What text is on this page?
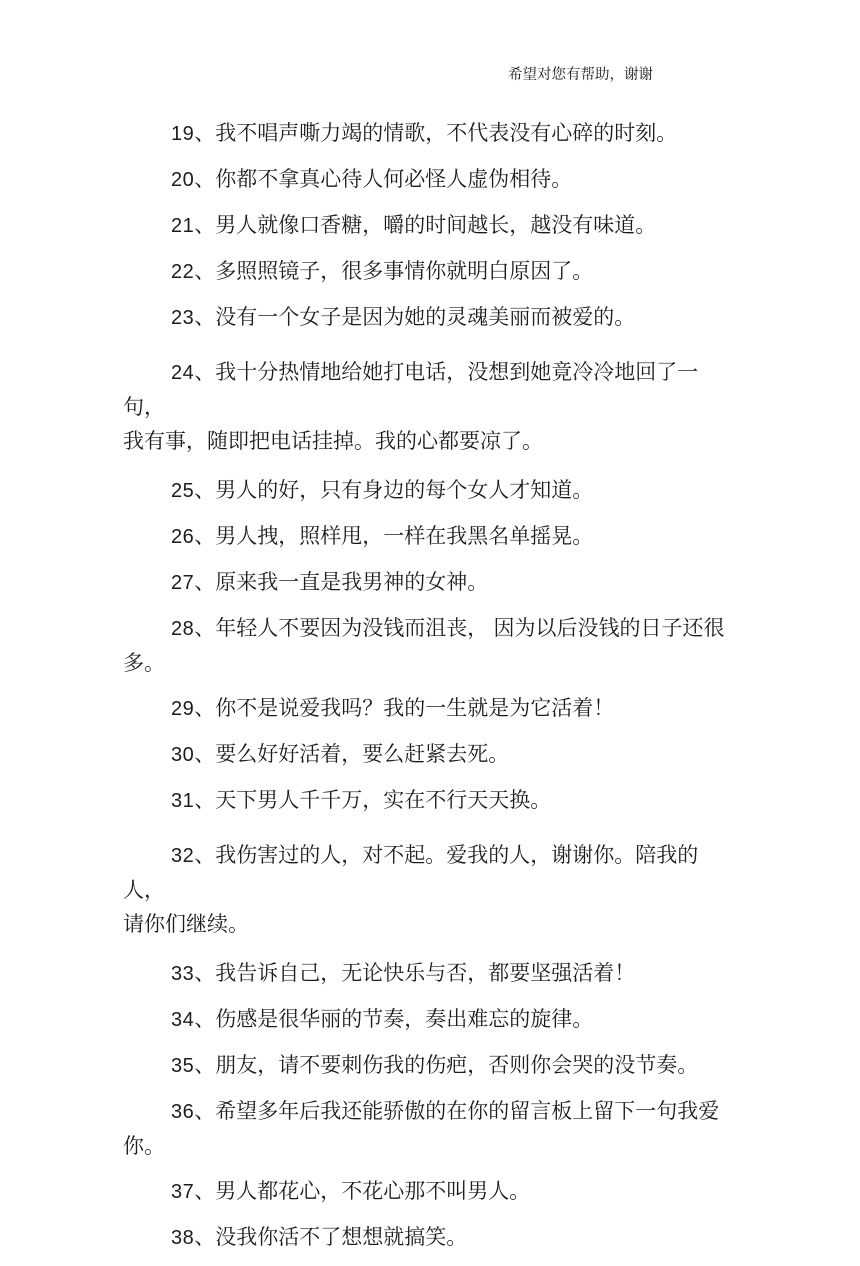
希望对您有帮助，谢谢

19、我不唱声嘶力竭的情歌，不代表没有心碎的时刻。

20、你都不拿真心待人何必怪人虚伪相待。

21、男人就像口香糖，嚼的时间越长，越没有味道。

22、多照照镜子，很多事情你就明白原因了。

23、没有一个女子是因为她的灵魂美丽而被爱的。

24、我十分热情地给她打电话，没想到她竟冷冷地回了一句，
我有事，随即把电话挂掉。我的心都要凉了。

25、男人的好，只有身边的每个女人才知道。

26、男人拽，照样甩，一样在我黑名单摇晃。

27、原来我一直是我男神的女神。

28、年轻人不要因为没钱而沮丧， 因为以后没钱的日子还很多。

29、你不是说爱我吗？我的一生就是为它活着！

30、要么好好活着，要么赶紧去死。

31、天下男人千千万，实在不行天天换。

32、我伤害过的人，对不起。爱我的人，谢谢你。陪我的人，
请你们继续。

33、我告诉自己，无论快乐与否，都要坚强活着！

34、伤感是很华丽的节奏，奏出难忘的旋律。

35、朋友，请不要刺伤我的伤疤，否则你会哭的没节奏。

36、希望多年后我还能骄傲的在你的留言板上留下一句我爱你。

37、男人都花心，不花心那不叫男人。

38、没我你活不了想想就搞笑。
